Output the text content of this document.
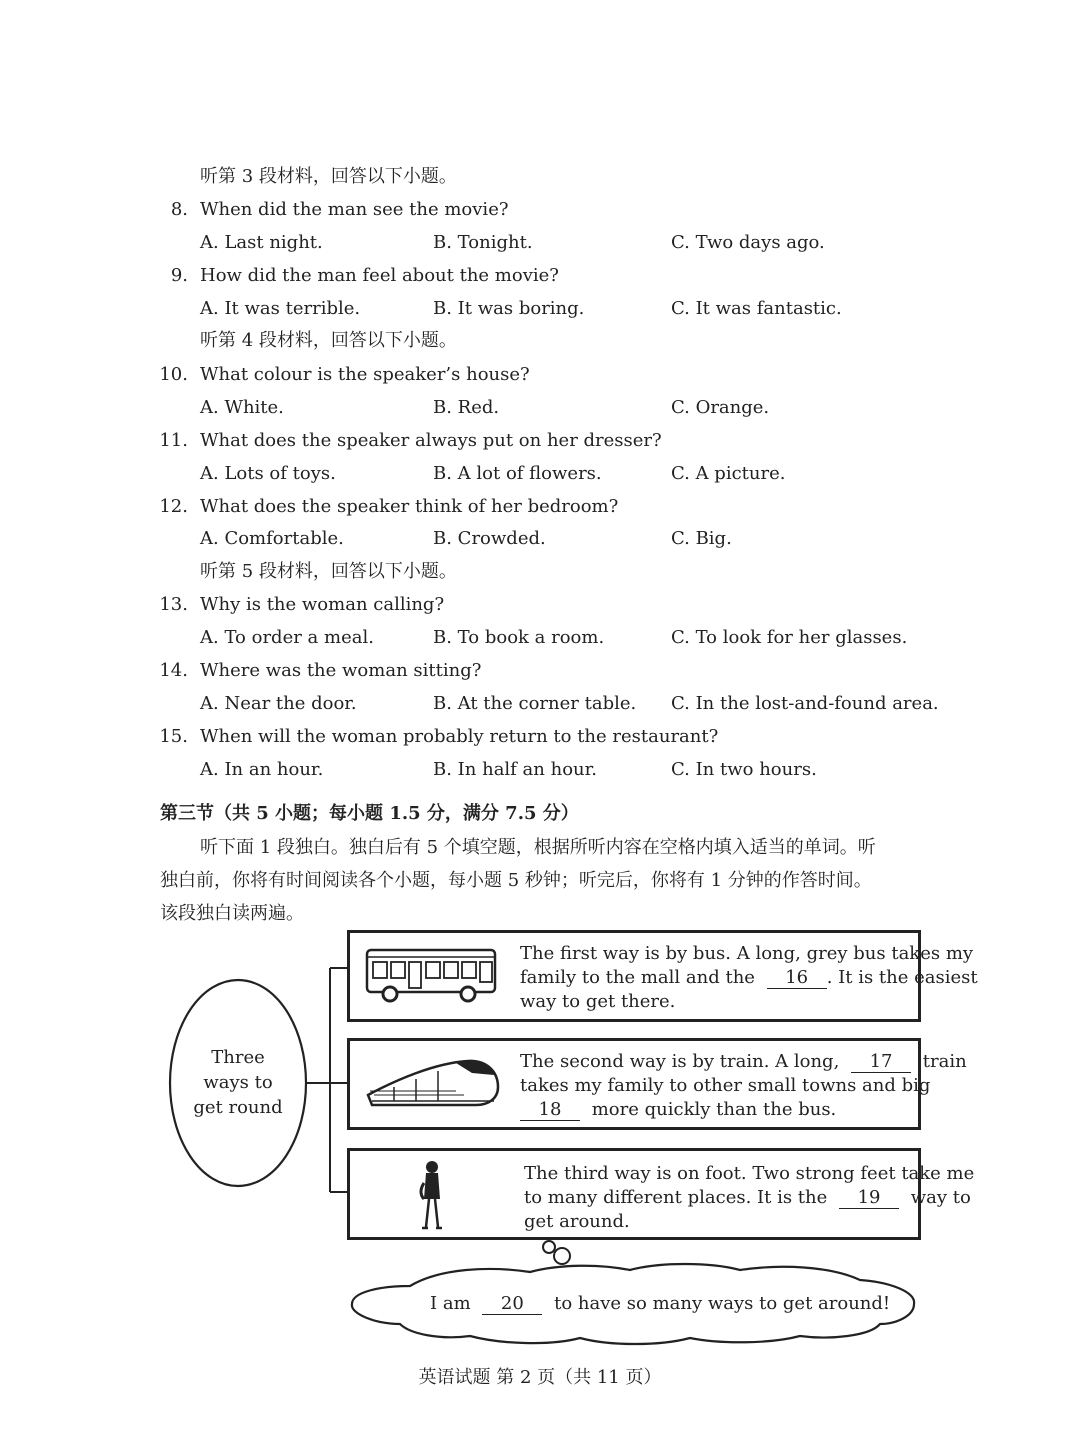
听第 3 段材料，回答以下小题。
8. When did the man see the movie?
A. Last night.	B. Tonight.	C. Two days ago.
9. How did the man feel about the movie?
A. It was terrible.	B. It was boring.	C. It was fantastic.
听第 4 段材料，回答以下小题。
10. What colour is the speaker’s house?
A. White.	B. Red.	C. Orange.
11. What does the speaker always put on her dresser?
A. Lots of toys.	B. A lot of flowers.	C. A picture.
12. What does the speaker think of her bedroom?
A. Comfortable.	B. Crowded.	C. Big.
听第 5 段材料，回答以下小题。
13. Why is the woman calling?
A. To order a meal.	B. To book a room.	C. To look for her glasses.
14. Where was the woman sitting?
A. Near the door.	B. At the corner table. C. In the lost-and-found area.
15. When will the woman probably return to the restaurant?
A. In an hour.	B. In half an hour.	C. In two hours.
第三节（共 5 小题；每小题 1.5 分，满分 7.5 分）
听下面 1 段独白。独白后有 5 个填空题，根据所听内容在空格内填入适当的单词。听
独白前，你将有时间阅读各个小题，每小题 5 秒钟；听完后，你将有 1 分钟的作答时间。
该段独白读两遍。
Three
ways to
get round
The first way is by bus. A long, grey bus takes my
family to the mall and the 16 . It is the easiest
way to get there.
The second way is by train. A long, 17 train
takes my family to other small towns and big
18 more quickly than the bus.
The third way is on foot. Two strong feet take me
to many different places. It is the 19 way to
get around.
I am 20 to have so many ways to get around!
英语试题 第 2 页（共 11 页）
